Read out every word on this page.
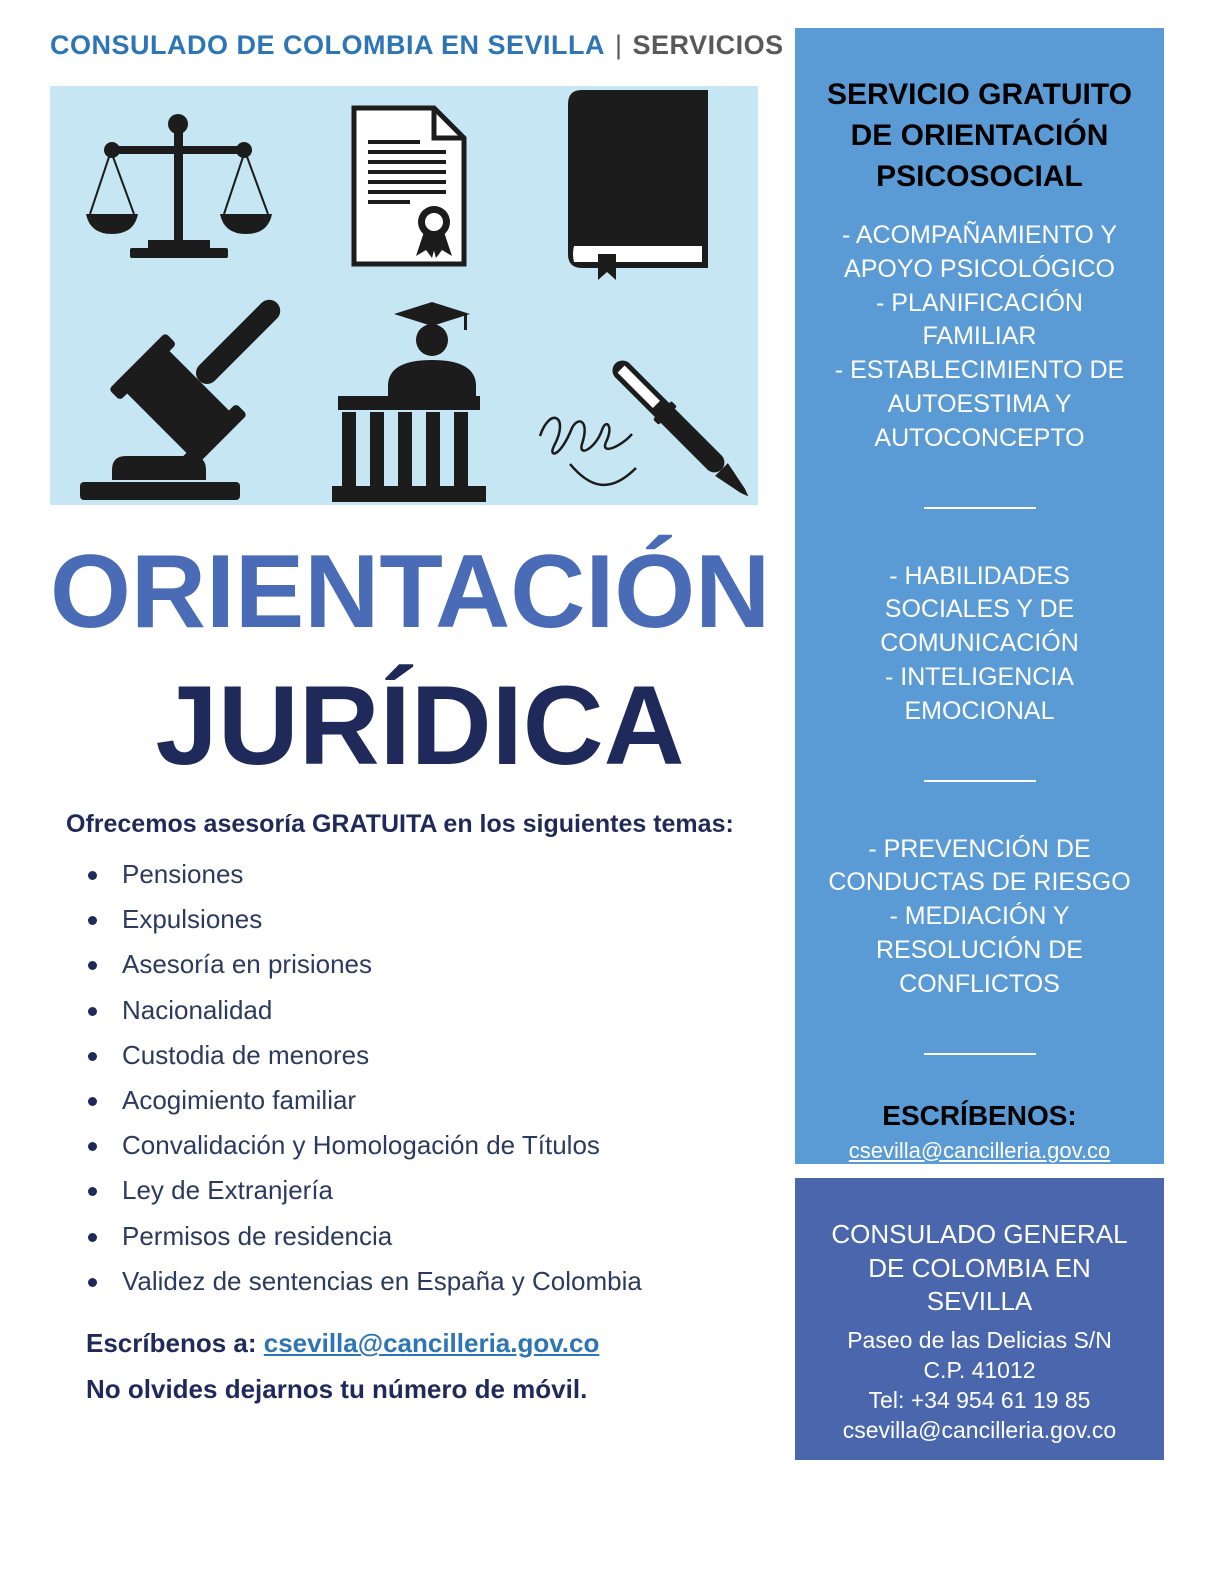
CONSULADO DE COLOMBIA EN SEVILLA | SERVICIOS
ORIENTACIÓN
JURÍDICA
Ofrecemos asesoría GRATUITA en los siguientes temas:
Pensiones
Expulsiones
Asesoría en prisiones
Nacionalidad
Custodia de menores
Acogimiento familiar
Convalidación y Homologación de Títulos
Ley de Extranjería
Permisos de residencia
Validez de sentencias en España y Colombia
Escríbenos a: csevilla@cancilleria.gov.co
No olvides dejarnos tu número de móvil.
SERVICIO GRATUITO
DE ORIENTACIÓN
PSICOSOCIAL
- ACOMPAÑAMIENTO Y
APOYO PSICOLÓGICO
- PLANIFICACIÓN
FAMILIAR
- ESTABLECIMIENTO DE
AUTOESTIMA Y
AUTOCONCEPTO
- HABILIDADES
SOCIALES Y DE
COMUNICACIÓN
- INTELIGENCIA
EMOCIONAL
- PREVENCIÓN DE
CONDUCTAS DE RIESGO
- MEDIACIÓN Y
RESOLUCIÓN DE
CONFLICTOS
ESCRÍBENOS:
csevilla@cancilleria.gov.co
CONSULADO GENERAL
DE COLOMBIA EN
SEVILLA
Paseo de las Delicias S/N
C.P. 41012
Tel: +34 954 61 19 85
csevilla@cancilleria.gov.co
